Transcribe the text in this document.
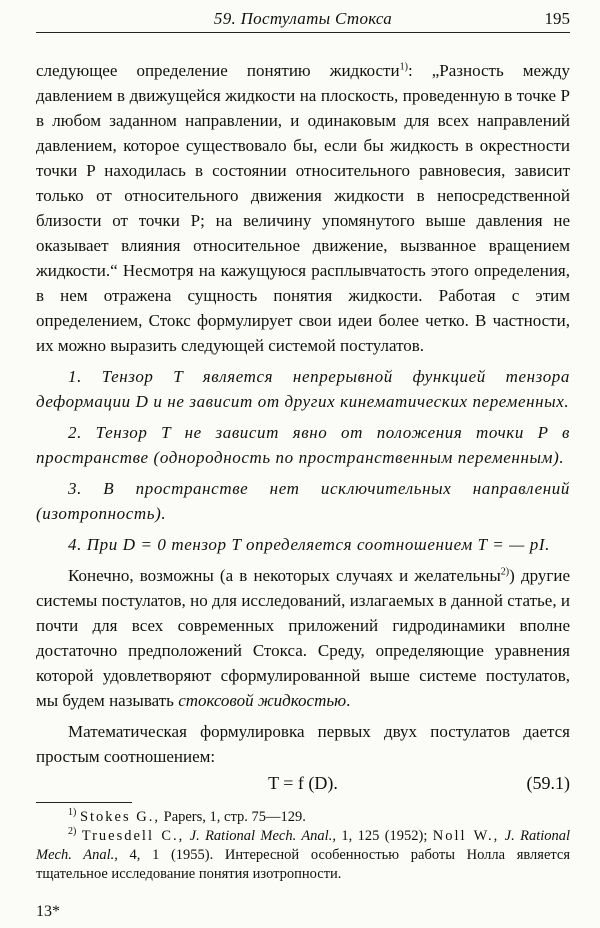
59. Постулаты Стокса	195

следующее определение понятию жидкости$^{1)}$: „Разность между давлением в движущейся жидкости на плоскость, проведенную в точке P в любом заданном направлении, и одинаковым для всех направлений давлением, которое существовало бы, если бы жидкость в окрестности точки P находилась в состоянии относительного равновесия, зависит только от относительного движения жидкости в непосредственной близости от точки P; на величину упомянутого выше давления не оказывает влияния относительное движение, вызванное вращением жидкости.“ Несмотря на кажущуюся расплывчатость этого определения, в нем отражена сущность понятия жидкости. Работая с этим определением, Стокс формулирует свои идеи более четко. В частности, их можно выразить следующей системой постулатов.

1. Тензор T является непрерывной функцией тензора деформации D и не зависит от других кинематических переменных.

2. Тензор T не зависит явно от положения точки P в пространстве (однородность по пространственным переменным).

3. В пространстве нет исключительных направлений (изотропность).

4. При D = 0 тензор T определяется соотношением T = — pI.

Конечно, возможны (а в некоторых случаях и желательны$^{2)}$) другие системы постулатов, но для исследований, излагаемых в данной статье, и почти для всех современных приложений гидродинамики вполне достаточно предположений Стокса. Среду, определяющие уравнения которой удовлетворяют сформулированной выше системе постулатов, мы будем называть стоксовой жидкостью.

Математическая формулировка первых двух постулатов дается простым соотношением:

T = f (D).	(59.1)

$^{1)}$ Stokes G., Papers, 1, стр. 75—129.

$^{2)}$ Truesdell C., J. Rational Mech. Anal., 1, 125 (1952); Noll W., J. Rational Mech. Anal., 4, 1 (1955). Интересной особенностью работы Нолла является тщательное исследование понятия изотропности.

13*
